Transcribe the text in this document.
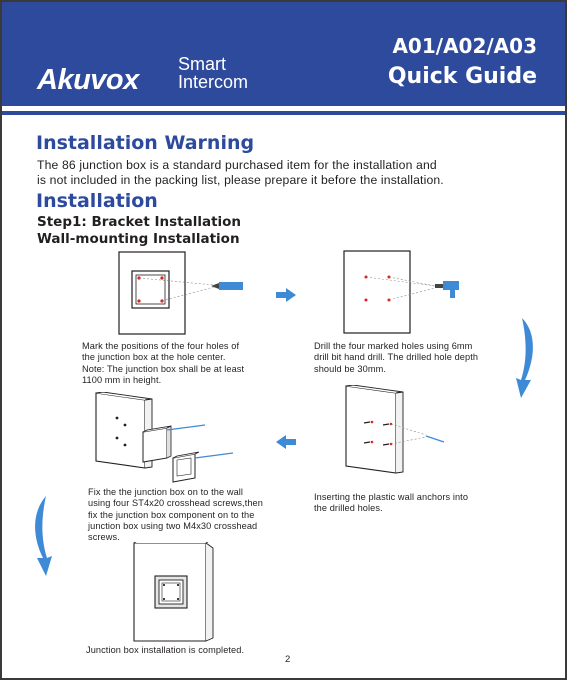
Akuvox Smart
Intercom
A01/A02/A03
Quick Guide
Installation Warning
The 86 junction box is a standard purchased item for the installation and
is not included in the packing list, please prepare it before the installation.
Installation
Step1: Bracket Installation
Wall-mounting Installation
Mark the positions of the four holes of
the junction box at the hole center.
Note: The junction box shall be at least
1100 mm in height.
Drill the four marked holes using 6mm
drill bit hand drill. The drilled hole depth
should be 30mm.
Fix the the junction box on to the wall
using four ST4x20 crosshead screws,then
fix the junction box component on to the
junction box using two M4x30 crosshead
screws.
Inserting the plastic wall anchors into
the drilled holes.
Junction box installation is completed.
2
